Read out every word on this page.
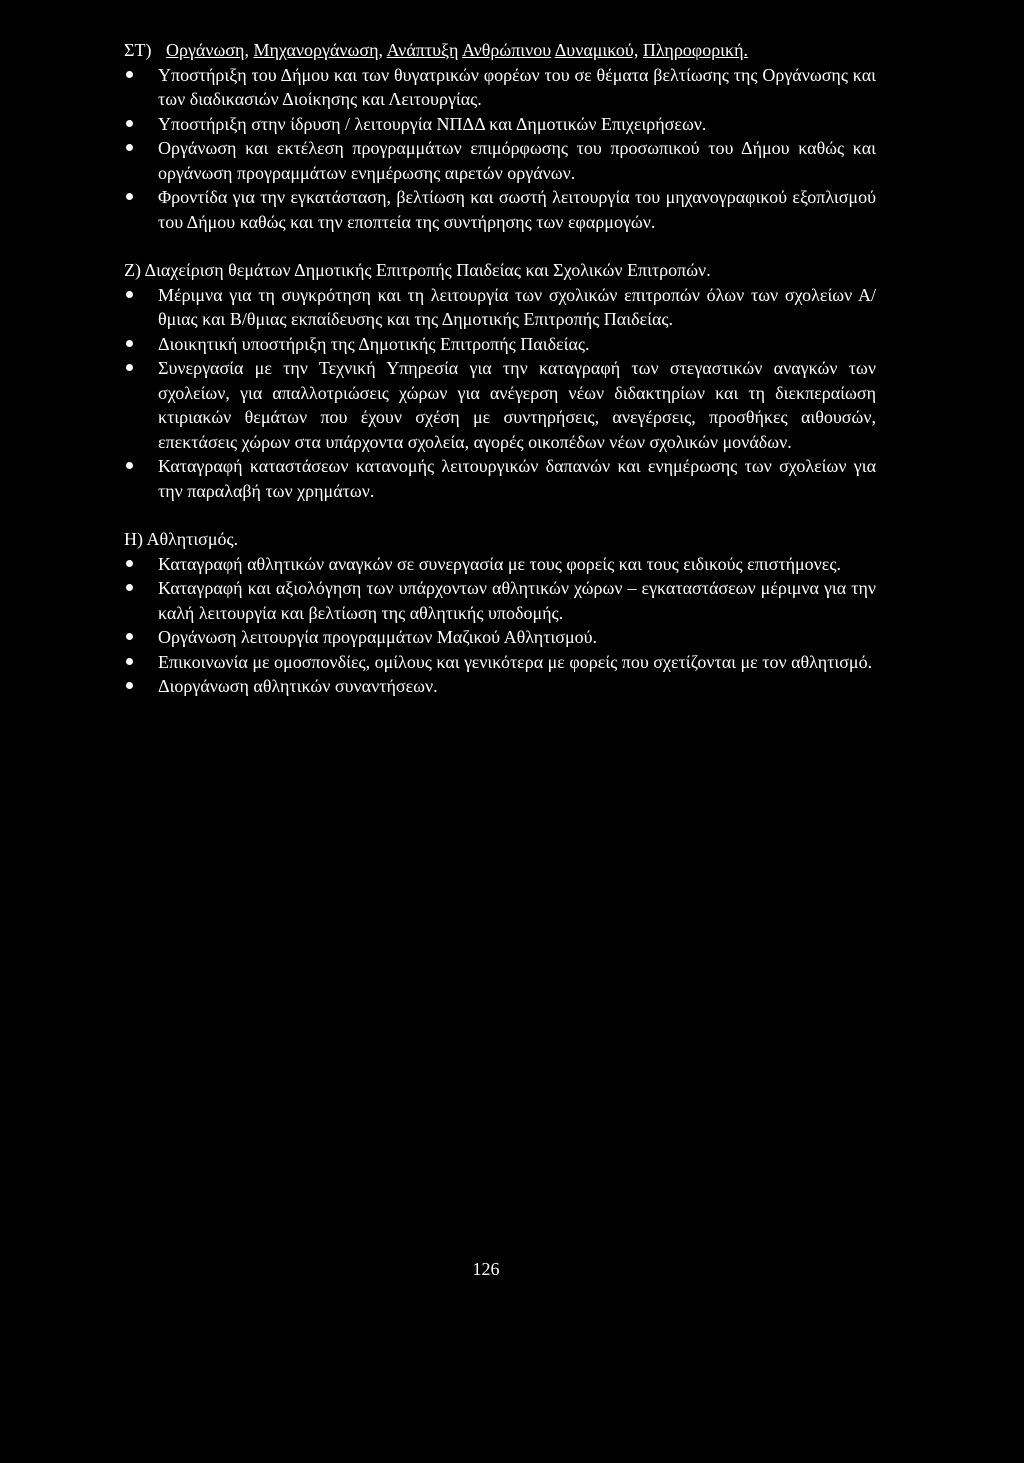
ΣΤ) Οργάνωση, Μηχανοργάνωση, Ανάπτυξη Ανθρώπινου Δυναμικού, Πληροφορική.

Υποστήριξη του Δήμου και των θυγατρικών φορέων του σε θέματα βελτίωσης της Οργάνωσης και των διαδικασιών Διοίκησης και Λειτουργίας.
Υποστήριξη στην ίδρυση / λειτουργία ΝΠΔΔ και Δημοτικών Επιχειρήσεων.
Οργάνωση και εκτέλεση προγραμμάτων επιμόρφωσης του προσωπικού του Δήμου καθώς και οργάνωση προγραμμάτων ενημέρωσης αιρετών οργάνων.
Φροντίδα για την εγκατάσταση, βελτίωση και σωστή λειτουργία του μηχανογραφικού εξοπλισμού του Δήμου καθώς και την εποπτεία της συντήρησης των εφαρμογών.

Ζ) Διαχείριση θεμάτων Δημοτικής Επιτροπής Παιδείας και Σχολικών Επιτροπών.

Μέριμνα για τη συγκρότηση και τη λειτουργία των σχολικών επιτροπών όλων των σχολείων Α/θμιας και Β/θμιας εκπαίδευσης και της Δημοτικής Επιτροπής Παιδείας.
Διοικητική υποστήριξη της Δημοτικής Επιτροπής Παιδείας.
Συνεργασία με την Τεχνική Υπηρεσία για την καταγραφή των στεγαστικών αναγκών των σχολείων, για απαλλοτριώσεις χώρων για ανέγερση νέων διδακτηρίων και τη διεκπεραίωση κτιριακών θεμάτων που έχουν σχέση με συντηρήσεις, ανεγέρσεις, προσθήκες αιθουσών, επεκτάσεις χώρων στα υπάρχοντα σχολεία, αγορές οικοπέδων νέων σχολικών μονάδων.
Καταγραφή καταστάσεων κατανομής λειτουργικών δαπανών και ενημέρωσης των σχολείων για την παραλαβή των χρημάτων.

Η) Αθλητισμός.

Καταγραφή αθλητικών αναγκών σε συνεργασία με τους φορείς και τους ειδικούς επιστήμονες.
Καταγραφή και αξιολόγηση των υπάρχοντων αθλητικών χώρων – εγκαταστάσεων μέριμνα για την καλή λειτουργία και βελτίωση της αθλητικής υποδομής.
Οργάνωση λειτουργία προγραμμάτων Μαζικού Αθλητισμού.
Επικοινωνία με ομοσπονδίες, ομίλους και γενικότερα με φορείς που σχετίζονται με τον αθλητισμό.
Διοργάνωση αθλητικών συναντήσεων.
126
